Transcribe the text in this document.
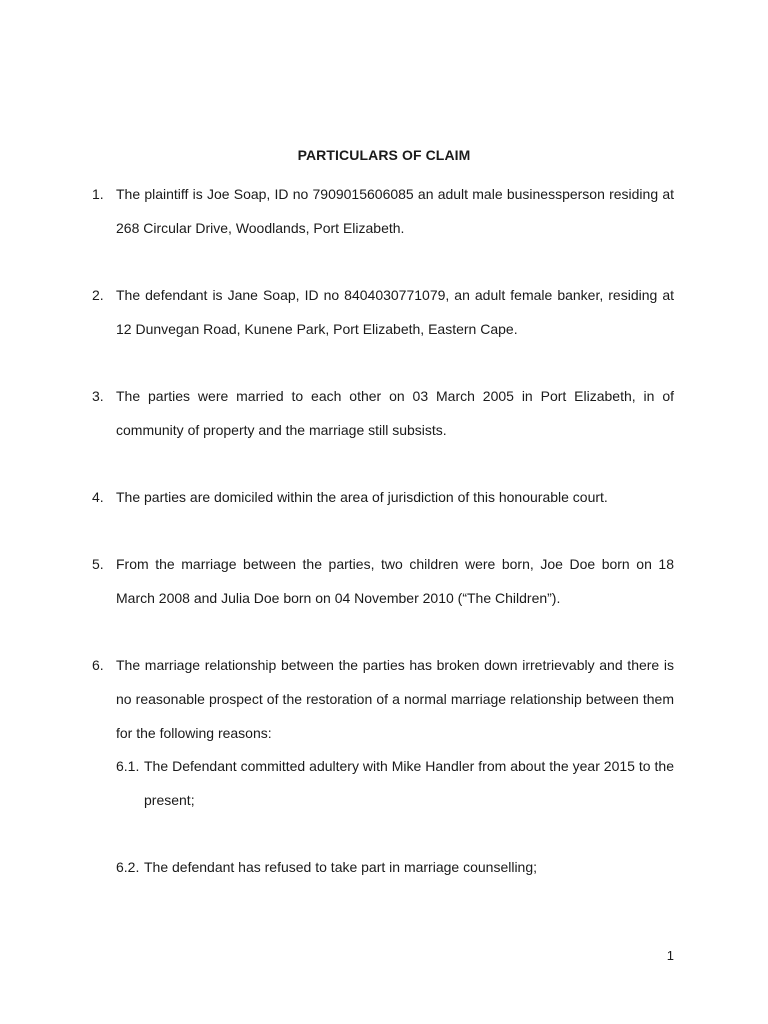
PARTICULARS OF CLAIM
1. The plaintiff is Joe Soap, ID no 7909015606085 an adult male businessperson residing at 268 Circular Drive, Woodlands, Port Elizabeth.
2. The defendant is Jane Soap, ID no 8404030771079, an adult female banker, residing at 12 Dunvegan Road, Kunene Park, Port Elizabeth, Eastern Cape.
3. The parties were married to each other on 03 March 2005 in Port Elizabeth, in of community of property and the marriage still subsists.
4. The parties are domiciled within the area of jurisdiction of this honourable court.
5. From the marriage between the parties, two children were born, Joe Doe born on 18 March 2008 and Julia Doe born on 04 November 2010 (“The Children”).
6. The marriage relationship between the parties has broken down irretrievably and there is no reasonable prospect of the restoration of a normal marriage relationship between them for the following reasons:
6.1. The Defendant committed adultery with Mike Handler from about the year 2015 to the present;
6.2. The defendant has refused to take part in marriage counselling;
1
